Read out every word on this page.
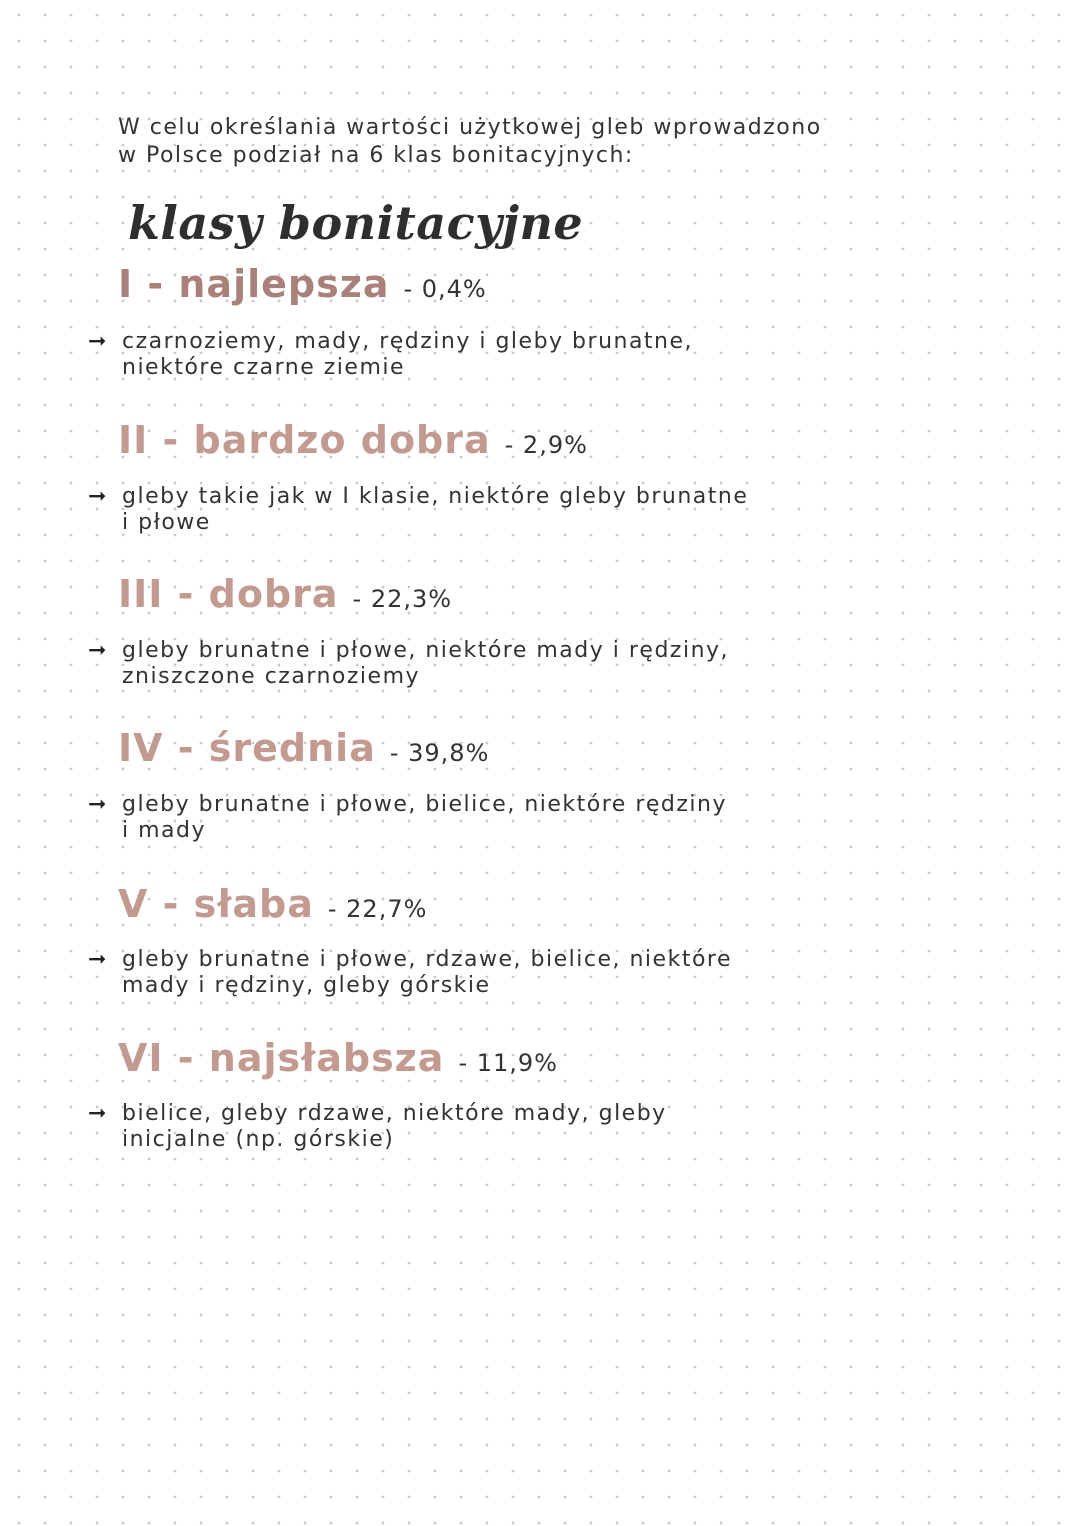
W celu określania wartości użytkowej gleb wprowadzono

w Polsce podział na 6 klas bonitacyjnych:

klasy bonitacyjne
I - najlepsza - 0,4%
➞ czarnoziemy, mady, rędziny i gleby brunatne,

niektóre czarne ziemie

II - bardzo dobra - 2,9%
➞ gleby takie jak w I klasie, niektóre gleby brunatne

i płowe

III - dobra - 22,3%
➞ gleby brunatne i płowe, niektóre mady i rędziny,

zniszczone czarnoziemy

IV - średnia - 39,8%
➞ gleby brunatne i płowe, bielice, niektóre rędziny

i mady

V - słaba - 22,7%
➞ gleby brunatne i płowe, rdzawe, bielice, niektóre

mady i rędziny, gleby górskie

VI - najsłabsza - 11,9%
➞ bielice, gleby rdzawe, niektóre mady, gleby

inicjalne (np. górskie)
